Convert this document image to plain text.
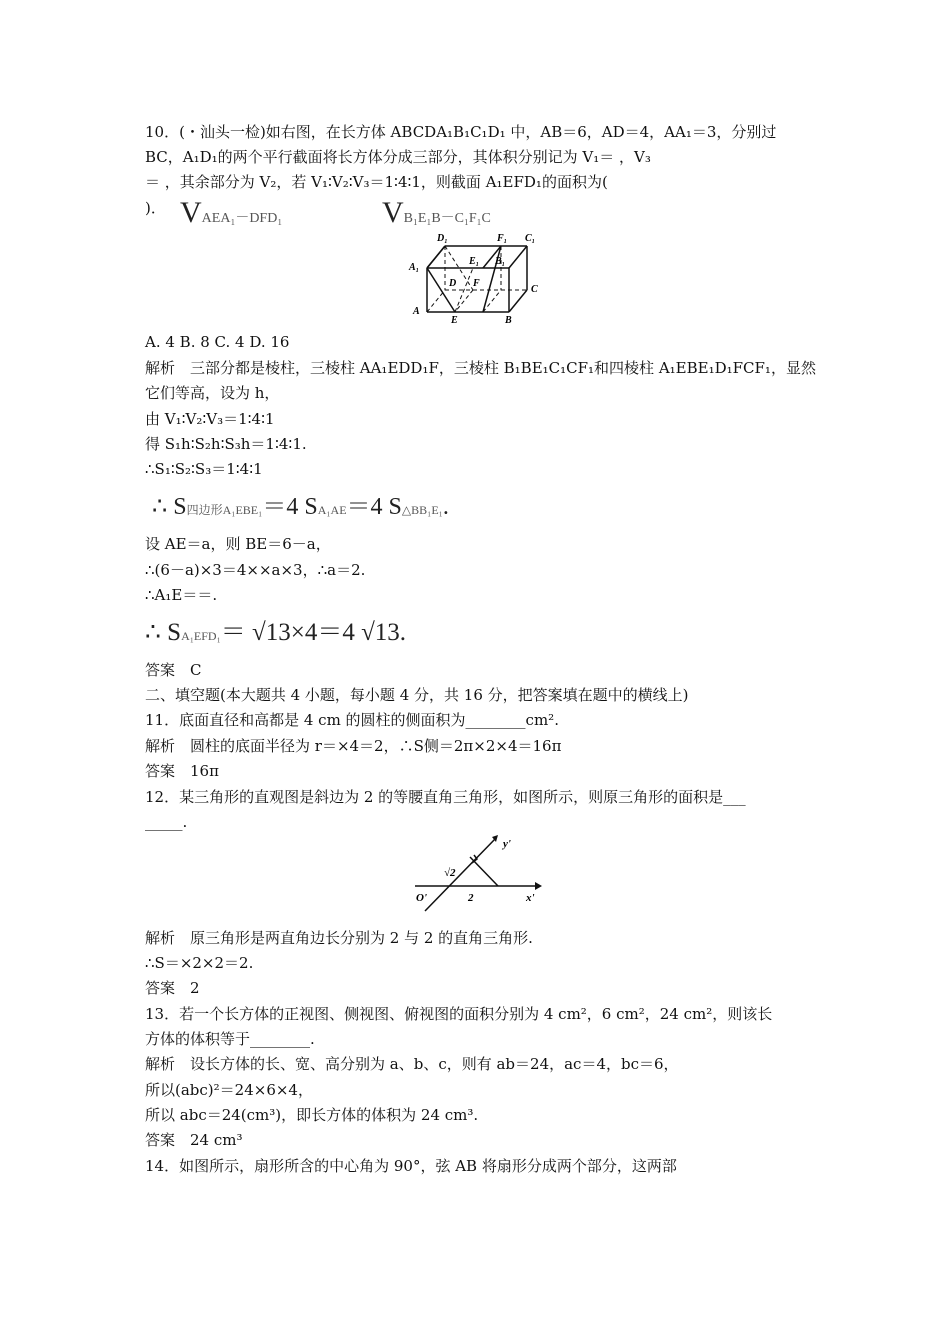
10．(・汕头一检)如右图，在长方体 ABCDA₁B₁C₁D₁ 中，AB＝6，AD＝4，AA₁＝3，分别过
BC，A₁D₁的两个平行截面将长方体分成三部分，其体积分别记为 V₁＝ ，V₃
＝ ，其余部分为 V₂，若 V₁∶V₂∶V₃＝1∶4∶1，则截面 A₁EFD₁的面积为(
)． VAEA₁－DFD₁	VB₁E₁B－C₁F₁C
D₁	F₁ C₁
A₁
E₁ B₁
D F
C
A
E	B
A. 4 B. 8 C. 4 D. 16
解析　三部分都是棱柱，三棱柱 AA₁EDD₁F，三棱柱 B₁BE₁C₁CF₁和四棱柱 A₁EBE₁D₁FCF₁，显然
它们等高，设为 h，
由 V₁∶V₂∶V₃＝1∶4∶1
得 S₁h∶S₂h∶S₃h＝1∶4∶1.
∴S₁∶S₂∶S₃＝1∶4∶1
∴ S四边形A₁EBE₁＝4 SA₁AE＝4 S△BB₁E₁.
设 AE＝a，则 BE＝6－a，
∴(6－a)×3＝4××a×3，∴a＝2.
∴A₁E＝＝.
∴ SA₁EFD₁＝ √13×4＝4 √13.
答案　C
二、填空题(本大题共 4 小题，每小题 4 分，共 16 分，把答案填在题中的横线上)
11．底面直径和高都是 4 cm 的圆柱的侧面积为________cm².
解析　圆柱的底面半径为 r＝×4＝2，∴S侧＝2π×2×4＝16π
答案　16π
12．某三角形的直观图是斜边为 2 的等腰直角三角形，如图所示，则原三角形的面积是___
_____.
y'
√2
O'	2	x'
解析　原三角形是两直角边长分别为 2 与 2 的直角三角形.
∴S＝×2×2＝2.
答案　2
13．若一个长方体的正视图、侧视图、俯视图的面积分别为 4 cm²，6 cm²，24 cm²，则该长
方体的体积等于________.
解析　设长方体的长、宽、高分别为 a、b、c，则有 ab＝24，ac＝4，bc＝6，
所以(abc)²＝24×6×4，
所以 abc＝24(cm³)，即长方体的体积为 24 cm³.
答案　24 cm³
14．如图所示，扇形所含的中心角为 90°，弦 AB 将扇形分成两个部分，这两部
